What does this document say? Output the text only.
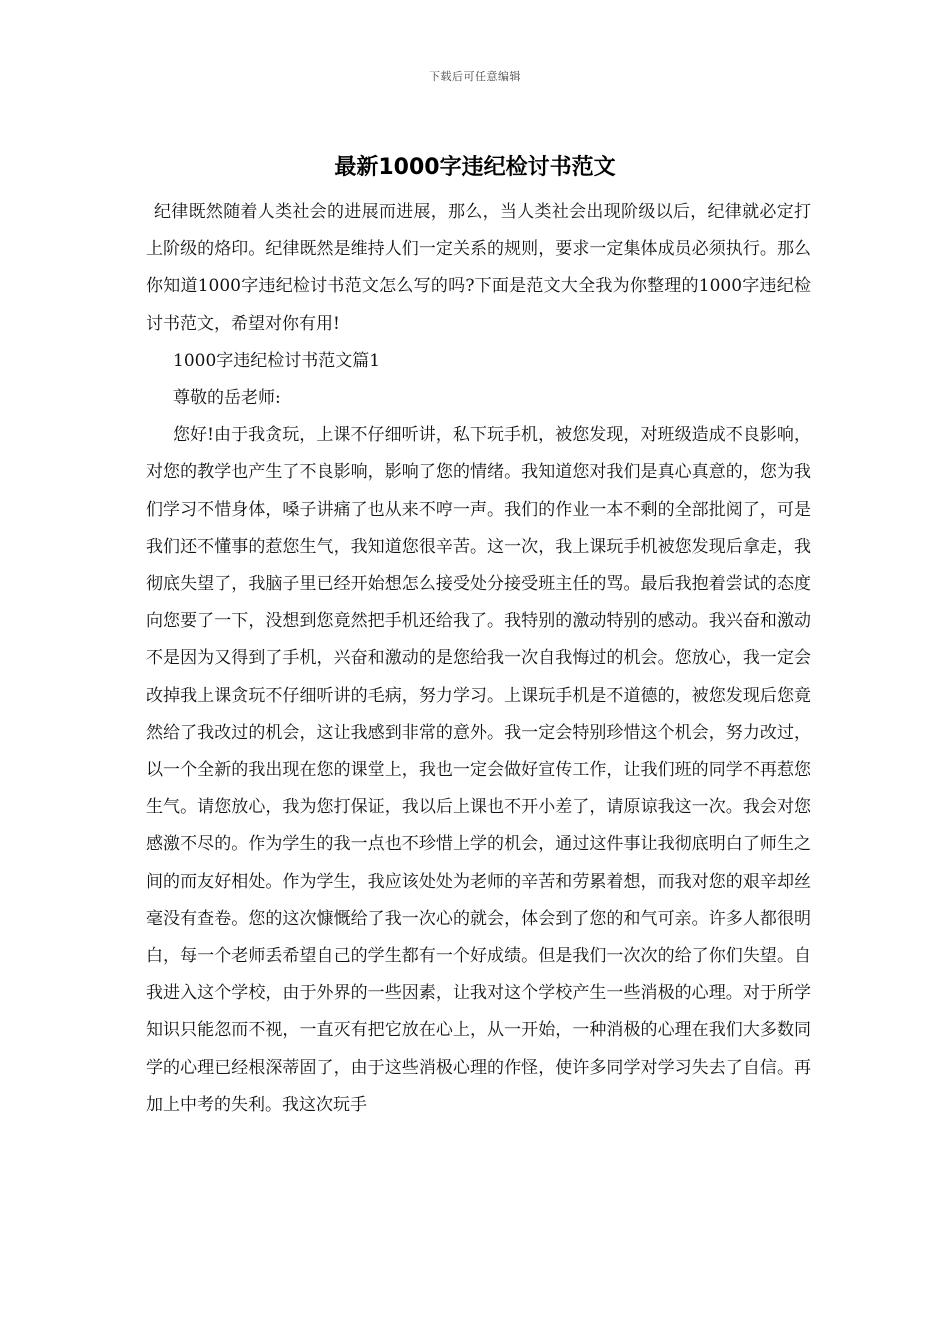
下载后可任意编辑
最新1000字违纪检讨书范文

纪律既然随着人类社会的进展而进展，那么，当人类社会出现阶级以后，纪律就必定打上阶级的烙印。纪律既然是维持人们一定关系的规则，要求一定集体成员必须执行。那么你知道1000字违纪检讨书范文怎么写的吗?下面是范文大全我为你整理的1000字违纪检讨书范文，希望对你有用!

1000字违纪检讨书范文篇1

尊敬的岳老师:

您好!由于我贪玩，上课不仔细听讲，私下玩手机，被您发现，对班级造成不良影响，对您的教学也产生了不良影响，影响了您的情绪。我知道您对我们是真心真意的，您为我们学习不惜身体，嗓子讲痛了也从来不哼一声。我们的作业一本不剩的全部批阅了，可是我们还不懂事的惹您生气，我知道您很辛苦。这一次，我上课玩手机被您发现后拿走，我彻底失望了，我脑子里已经开始想怎么接受处分接受班主任的骂。最后我抱着尝试的态度向您要了一下，没想到您竟然把手机还给我了。我特别的激动特别的感动。我兴奋和激动不是因为又得到了手机，兴奋和激动的是您给我一次自我悔过的机会。您放心，我一定会改掉我上课贪玩不仔细听讲的毛病，努力学习。上课玩手机是不道德的，被您发现后您竟然给了我改过的机会，这让我感到非常的意外。我一定会特别珍惜这个机会，努力改过，以一个全新的我出现在您的课堂上，我也一定会做好宣传工作，让我们班的同学不再惹您生气。请您放心，我为您打保证，我以后上课也不开小差了，请原谅我这一次。我会对您感激不尽的。作为学生的我一点也不珍惜上学的机会，通过这件事让我彻底明白了师生之间的而友好相处。作为学生，我应该处处为老师的辛苦和劳累着想，而我对您的艰辛却丝毫没有查卷。您的这次慷慨给了我一次心的就会，体会到了您的和气可亲。许多人都很明白，每一个老师丢希望自己的学生都有一个好成绩。但是我们一次次的给了你们失望。自我进入这个学校，由于外界的一些因素，让我对这个学校产生一些消极的心理。对于所学知识只能忽而不视，一直灭有把它放在心上，从一开始，一种消极的心理在我们大多数同学的心理已经根深蒂固了，由于这些消极心理的作怪，使许多同学对学习失去了自信。再加上中考的失利。我这次玩手
